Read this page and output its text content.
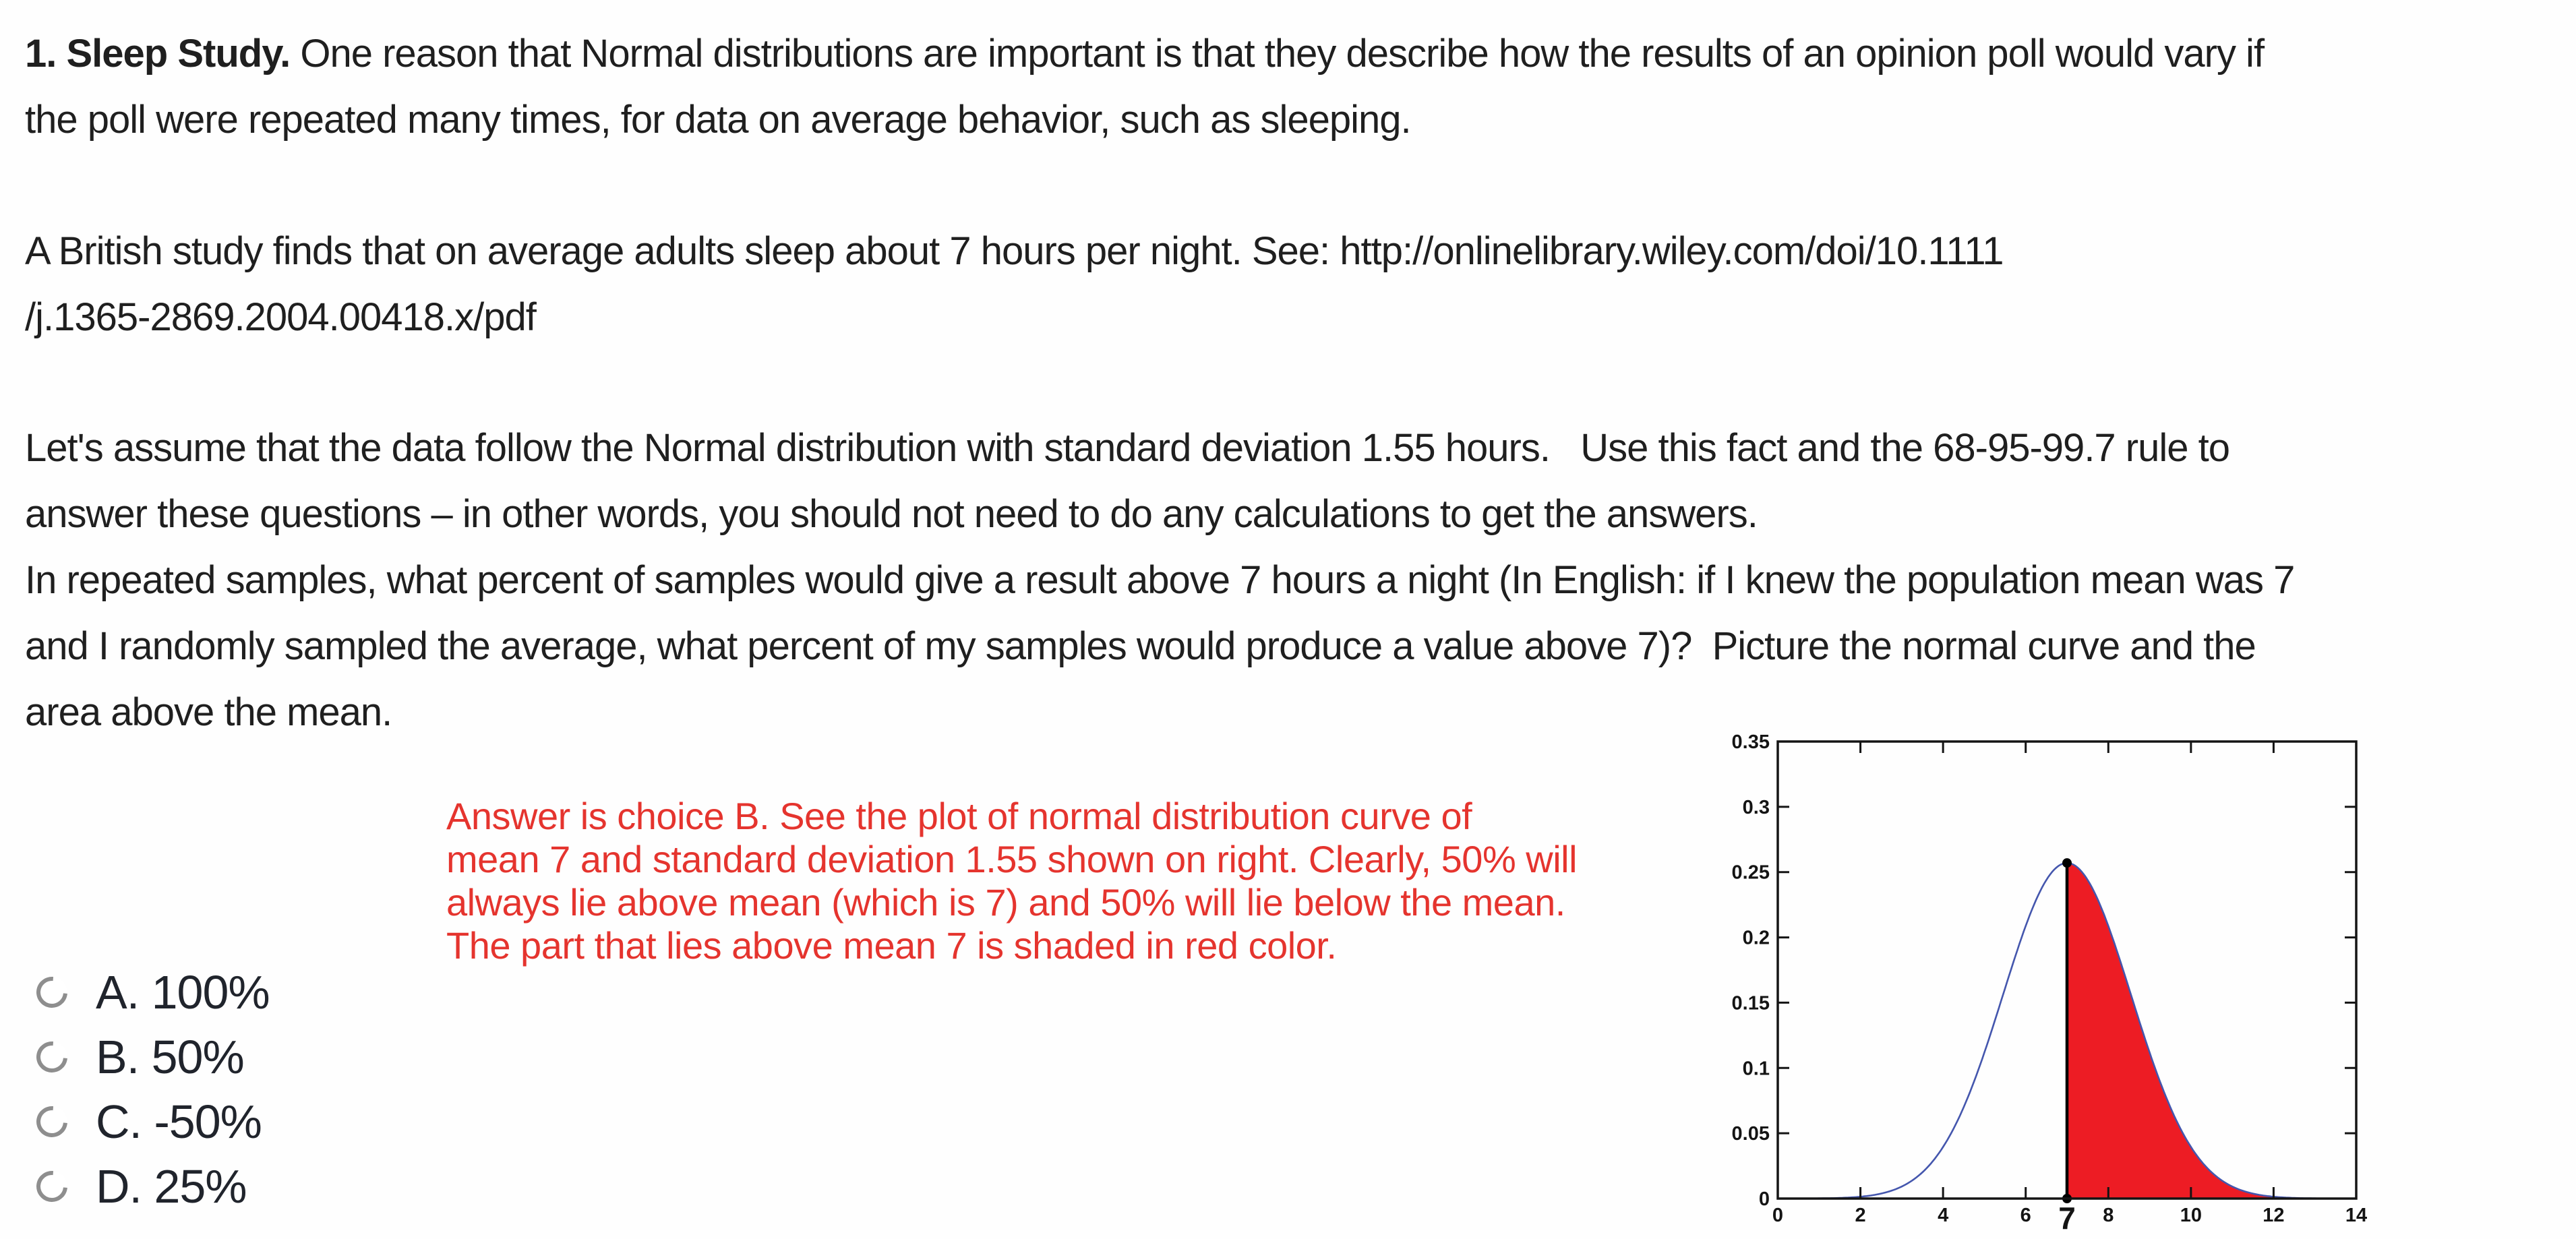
1. Sleep Study. One reason that Normal distributions are important is that they describe how the results of an opinion poll would vary if
the poll were repeated many times, for data on average behavior, such as sleeping.
A British study finds that on average adults sleep about 7 hours per night. See: http://onlinelibrary.wiley.com/doi/10.1111
/j.1365-2869.2004.00418.x/pdf
Let's assume that the data follow the Normal distribution with standard deviation 1.55 hours.   Use this fact and the 68-95-99.7 rule to
answer these questions – in other words, you should not need to do any calculations to get the answers.
In repeated samples, what percent of samples would give a result above 7 hours a night (In English: if I knew the population mean was 7
and I randomly sampled the average, what percent of my samples would produce a value above 7)?  Picture the normal curve and the
area above the mean.
Answer is choice B. See the plot of normal distribution curve of
mean 7 and standard deviation 1.55 shown on right. Clearly, 50% will
always lie above mean (which is 7) and 50% will lie below the mean.
The part that lies above mean 7 is shaded in red color.
A. 100%
B. 50%
C. -50%
D. 25%
0	2	4	6	8	10	12	14
0
0.05
0.1
0.15
0.2
0.25
0.3
0.35
7
